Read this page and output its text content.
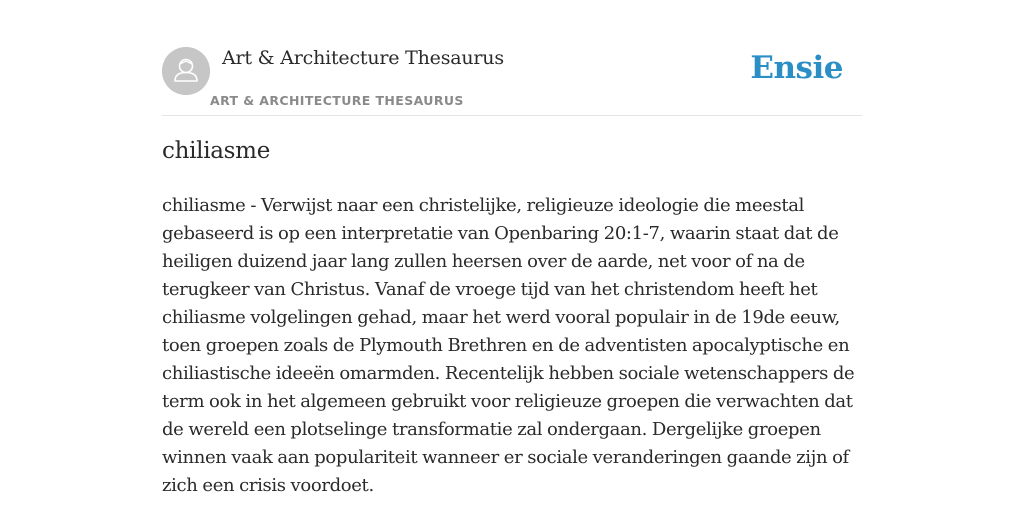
Art & Architecture Thesaurus
ART & ARCHITECTURE THESAURUS
Ensie
chiliasme

chiliasme - Verwijst naar een christelijke, religieuze ideologie die meestal gebaseerd is op een interpretatie van Openbaring 20:1-7, waarin staat dat de heiligen duizend jaar lang zullen heersen over de aarde, net voor of na de terugkeer van Christus. Vanaf de vroege tijd van het christendom heeft het chiliasme volgelingen gehad, maar het werd vooral populair in de 19de eeuw, toen groepen zoals de Plymouth Brethren en de adventisten apocalyptische en chiliastische ideeën omarmden. Recentelijk hebben sociale wetenschappers de term ook in het algemeen gebruikt voor religieuze groepen die verwachten dat de wereld een plotselinge transformatie zal ondergaan. Dergelijke groepen winnen vaak aan populariteit wanneer er sociale veranderingen gaande zijn of zich een crisis voordoet.
